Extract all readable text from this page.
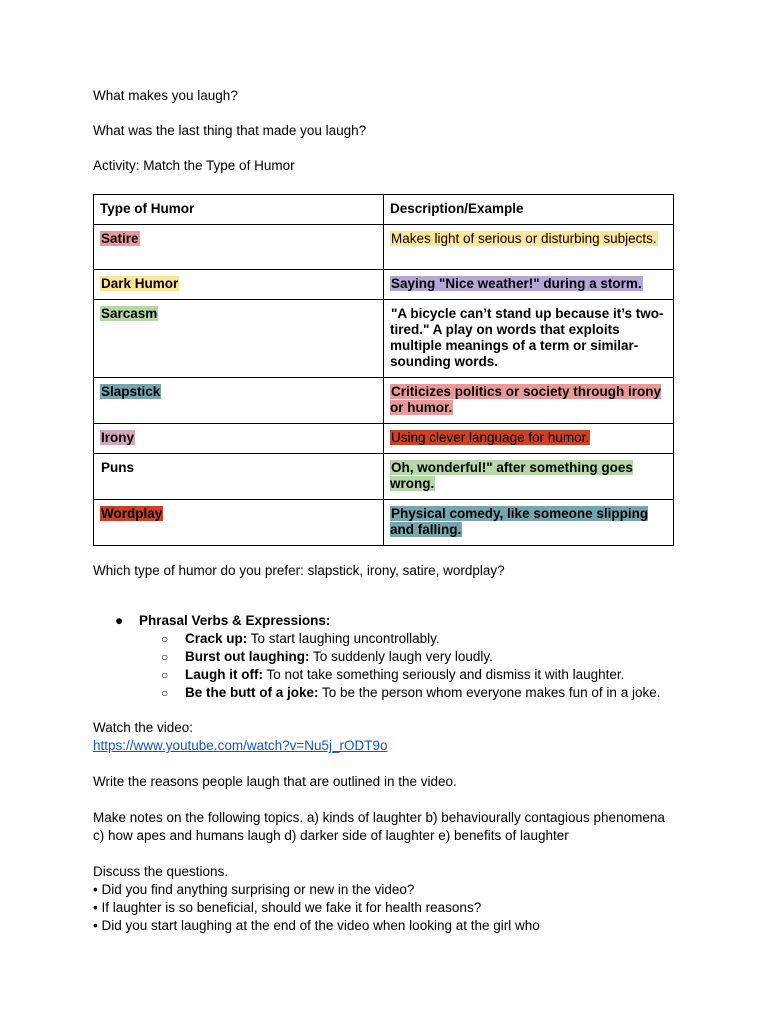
What makes you laugh?

What was the last thing that made you laugh?

Activity: Match the Type of Humor

Type of Humor	Description/Example
Satire	Makes light of serious or disturbing subjects.
Dark Humor	Saying "Nice weather!" during a storm.
Sarcasm	"A bicycle can’t stand up because it’s two-tired." A play on words that exploits multiple meanings of a term or similar-sounding words.
Slapstick	Criticizes politics or society through irony or humor.
Irony	Using clever language for humor.
Puns	Oh, wonderful!" after something goes wrong.
Wordplay	Physical comedy, like someone slipping and falling.

Which type of humor do you prefer: slapstick, irony, satire, wordplay?

● Phrasal Verbs & Expressions:
○ Crack up: To start laughing uncontrollably.
○ Burst out laughing: To suddenly laugh very loudly.
○ Laugh it off: To not take something seriously and dismiss it with laughter.
○ Be the butt of a joke: To be the person whom everyone makes fun of in a joke.

Watch the video:

https://www.youtube.com/watch?v=Nu5j_rODT9o

Write the reasons people laugh that are outlined in the video.

Make notes on the following topics. a) kinds of laughter b) behaviourally contagious phenomena c) how apes and humans laugh d) darker side of laughter e) benefits of laughter

Discuss the questions.

• Did you find anything surprising or new in the video?

• If laughter is so beneficial, should we fake it for health reasons?

• Did you start laughing at the end of the video when looking at the girl who
